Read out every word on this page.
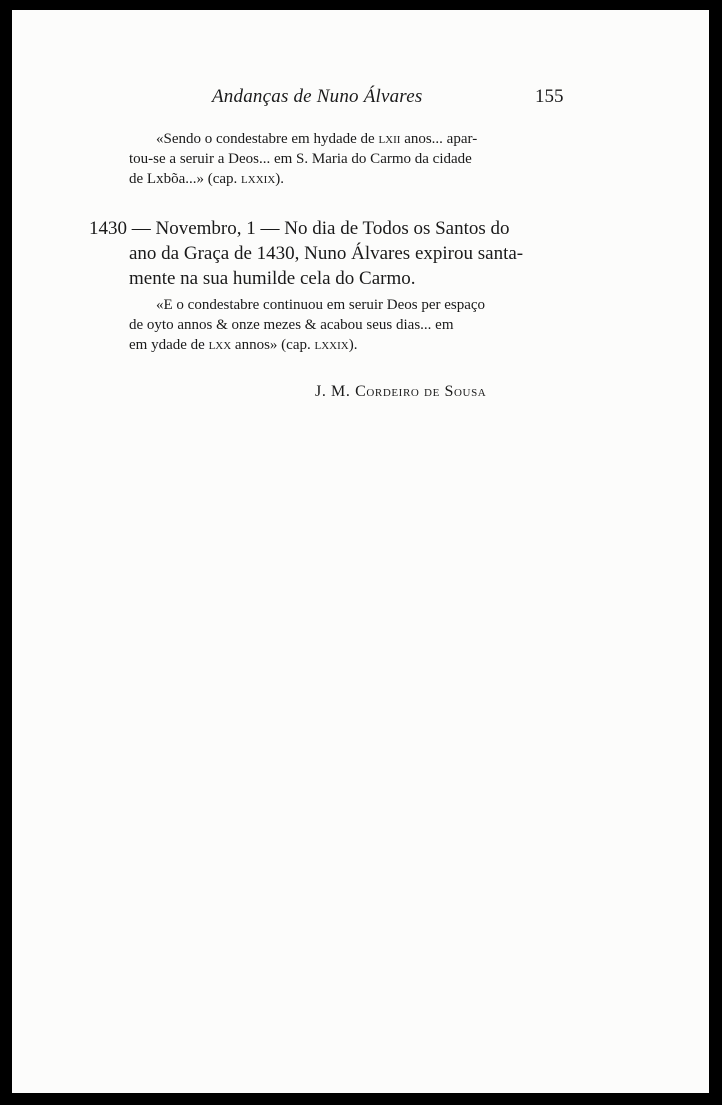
Andanças de Nuno Álvares	155
«Sendo o condestabre em hydade de lxii anos... apar-
tou-se a seruir a Deos... em S. Maria do Carmo da cidade
de Lxbõa...» (cap. lxxix).
1430 — Novembro, 1 — No dia de Todos os Santos do
ano da Graça de 1430, Nuno Álvares expirou santa-
mente na sua humilde cela do Carmo.
«E o condestabre continuou em seruir Deos per espaço
de oyto annos & onze mezes & acabou seus dias... em
em ydade de lxx annos» (cap. lxxix).
J. M. Cordeiro de Sousa
